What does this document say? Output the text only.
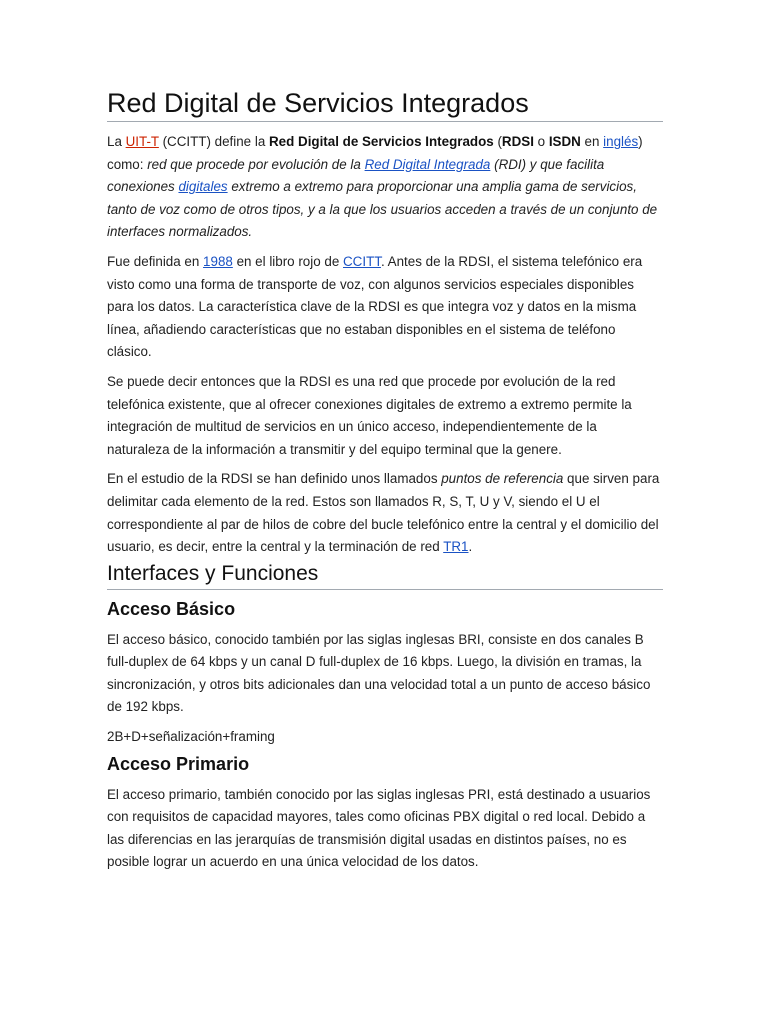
Red Digital de Servicios Integrados

La UIT-T (CCITT) define la Red Digital de Servicios Integrados (RDSI o ISDN en inglés) como: red que procede por evolución de la Red Digital Integrada (RDI) y que facilita conexiones digitales extremo a extremo para proporcionar una amplia gama de servicios, tanto de voz como de otros tipos, y a la que los usuarios acceden a través de un conjunto de interfaces normalizados.

Fue definida en 1988 en el libro rojo de CCITT. Antes de la RDSI, el sistema telefónico era visto como una forma de transporte de voz, con algunos servicios especiales disponibles para los datos. La característica clave de la RDSI es que integra voz y datos en la misma línea, añadiendo características que no estaban disponibles en el sistema de teléfono clásico.

Se puede decir entonces que la RDSI es una red que procede por evolución de la red telefónica existente, que al ofrecer conexiones digitales de extremo a extremo permite la integración de multitud de servicios en un único acceso, independientemente de la naturaleza de la información a transmitir y del equipo terminal que la genere.

En el estudio de la RDSI se han definido unos llamados puntos de referencia que sirven para delimitar cada elemento de la red. Estos son llamados R, S, T, U y V, siendo el U el correspondiente al par de hilos de cobre del bucle telefónico entre la central y el domicilio del usuario, es decir, entre la central y la terminación de red TR1.

Interfaces y Funciones
Acceso Básico

El acceso básico, conocido también por las siglas inglesas BRI, consiste en dos canales B full-duplex de 64 kbps y un canal D full-duplex de 16 kbps. Luego, la división en tramas, la sincronización, y otros bits adicionales dan una velocidad total a un punto de acceso básico de 192 kbps.

2B+D+señalización+framing

Acceso Primario

El acceso primario, también conocido por las siglas inglesas PRI, está destinado a usuarios con requisitos de capacidad mayores, tales como oficinas PBX digital o red local. Debido a las diferencias en las jerarquías de transmisión digital usadas en distintos países, no es posible lograr un acuerdo en una única velocidad de los datos.
